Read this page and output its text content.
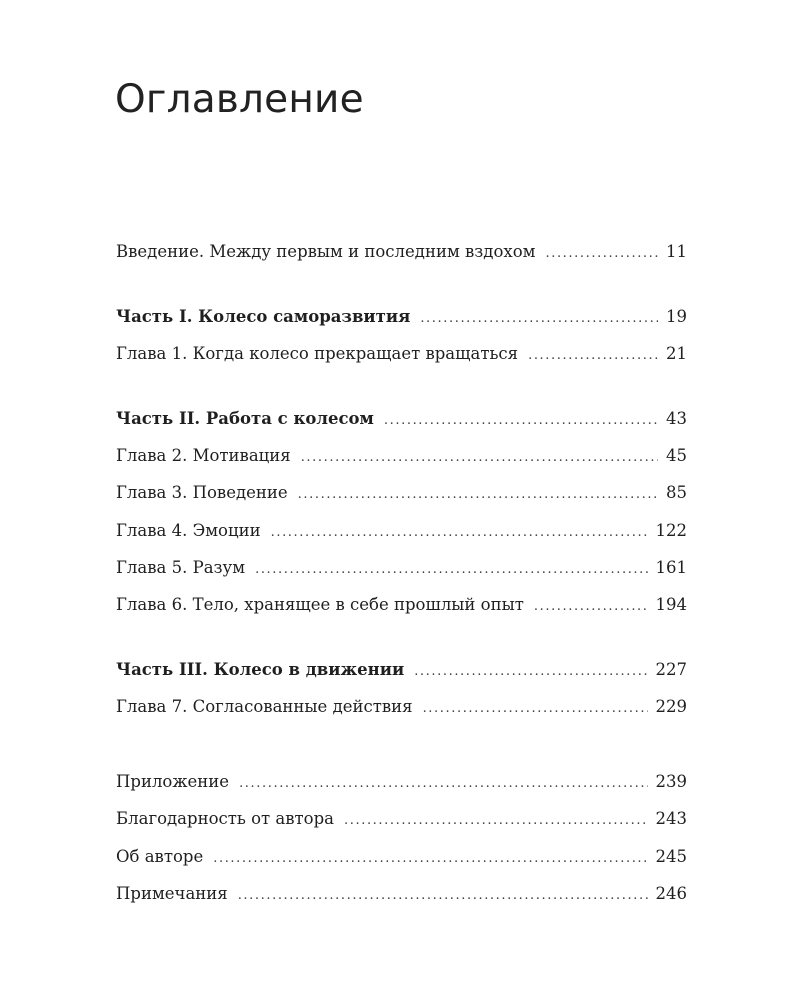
Оглавление
Введение. Между первым и последним вздохом .....	11
Часть I. Колесо саморазвития .....	19
Глава 1. Когда колесо прекращает вращаться .....	21
Часть II. Работа с колесом .....	43
Глава 2. Мотивация .....	45
Глава 3. Поведение .....	85
Глава 4. Эмоции .....	122
Глава 5. Разум .....	161
Глава 6. Тело, хранящее в себе прошлый опыт .....	194
Часть III. Колесо в движении .....	227
Глава 7. Согласованные действия .....	229
Приложение .....	239
Благодарность от автора .....	243
Об авторе .....	245
Примечания .....	246
